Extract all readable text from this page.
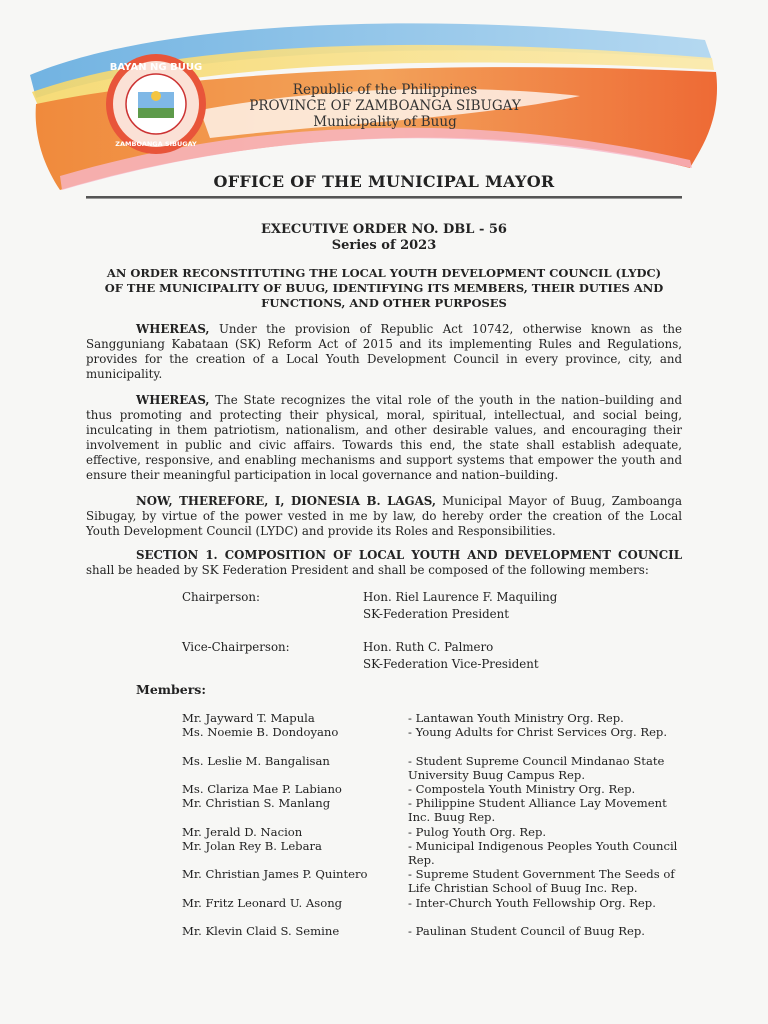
BAYAN NG BUUG
ZAMBOANGA SIBUGAY
Republic of the Philippines
PROVINCE OF ZAMBOANGA SIBUGAY
Municipality of Buug
OFFICE OF THE MUNICIPAL MAYOR
EXECUTIVE ORDER NO. DBL - 56
Series of 2023
AN ORDER RECONSTITUTING THE LOCAL YOUTH DEVELOPMENT COUNCIL (LYDC) OF THE MUNICIPALITY OF BUUG, IDENTIFYING ITS MEMBERS, THEIR DUTIES AND FUNCTIONS, AND OTHER PURPOSES
WHEREAS, Under the provision of Republic Act 10742, otherwise known as the Sangguniang Kabataan (SK) Reform Act of 2015 and its implementing Rules and Regulations, provides for the creation of a Local Youth Development Council in every province, city, and municipality.
WHEREAS, The State recognizes the vital role of the youth in the nation–building and thus promoting and protecting their physical, moral, spiritual, intellectual, and social being, inculcating in them patriotism, nationalism, and other desirable values, and encouraging their involvement in public and civic affairs. Towards this end, the state shall establish adequate, effective, responsive, and enabling mechanisms and support systems that empower the youth and ensure their meaningful participation in local governance and nation–building.
NOW, THEREFORE, I, DIONESIA B. LAGAS, Municipal Mayor of Buug, Zamboanga Sibugay, by virtue of the power vested in me by law, do hereby order the creation of the Local Youth Development Council (LYDC) and provide its Roles and Responsibilities.
SECTION 1. COMPOSITION OF LOCAL YOUTH AND DEVELOPMENT COUNCIL shall be headed by SK Federation President and shall be composed of the following members:
Chairperson:	Hon. Riel Laurence F. Maquiling
SK-Federation President
Vice-Chairperson:	Hon. Ruth C. Palmero
SK-Federation Vice-President
Members:
Mr. Jayward T. Mapula	- Lantawan Youth Ministry Org. Rep.
Ms. Noemie B. Dondoyano	- Young Adults for Christ Services Org. Rep.
Ms. Leslie M. Bangalisan	- Student Supreme Council Mindanao State University Buug Campus Rep.
Ms. Clariza Mae P. Labiano	- Compostela Youth Ministry Org. Rep.
Mr. Christian S. Manlang	- Philippine Student Alliance Lay Movement Inc. Buug Rep.
Mr. Jerald D. Nacion	- Pulog Youth Org. Rep.
Mr. Jolan Rey B. Lebara	- Municipal Indigenous Peoples Youth Council Rep.
Mr. Christian James P. Quintero	- Supreme Student Government The Seeds of Life Christian School of Buug Inc. Rep.
Mr. Fritz Leonard U. Asong	- Inter-Church Youth Fellowship Org. Rep.
Mr. Klevin Claid S. Semine	- Paulinan Student Council of Buug Rep.
